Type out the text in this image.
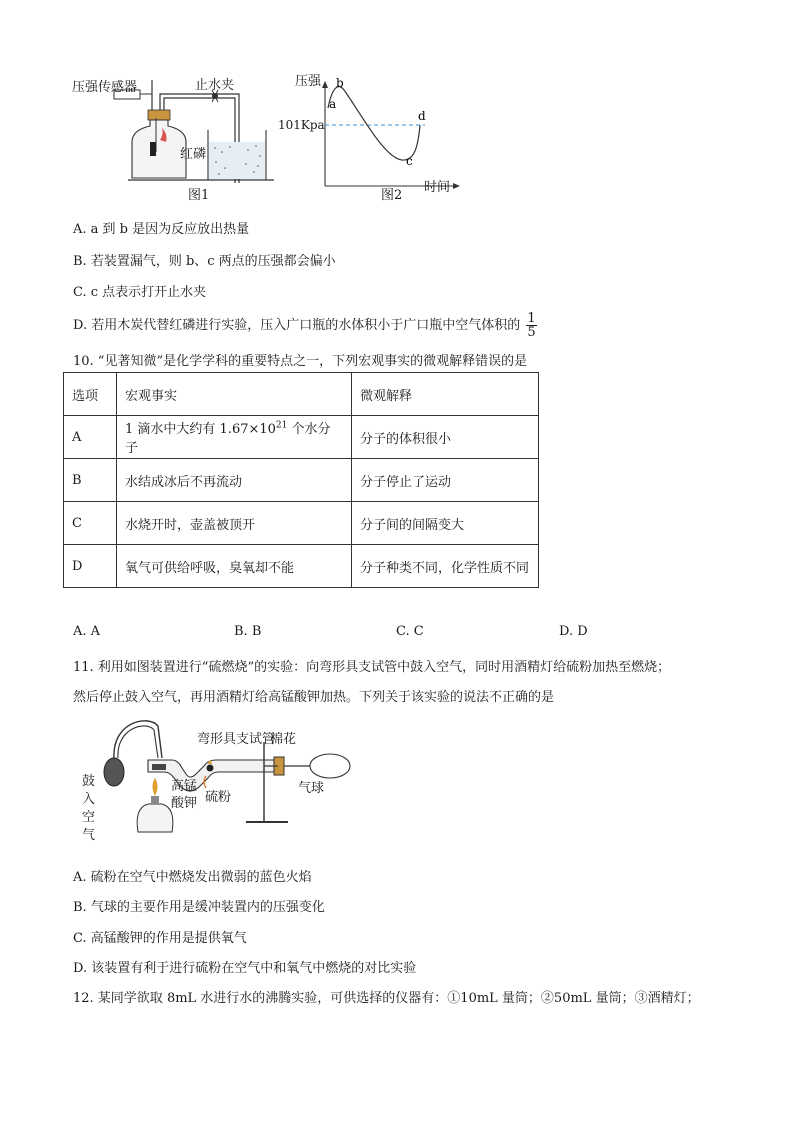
压强传感器	止水夹
红磷
图1
a
b
c
d
压强
101Kpa
时间
图2
A. a 到 b 是因为反应放出热量
B. 若装置漏气，则 b、c 两点的压强都会偏小
C. c 点表示打开止水夹
D. 若用木炭代替红磷进行实验，压入广口瓶的水体积小于广口瓶中空气体积的 $\frac{1}{5}$
10. “见著知微”是化学学科的重要特点之一，下列宏观事实的微观解释错误的是
选项	宏观事实	微观解释
A	1 滴水中大约有 $1.67\times 10^{21}$ 个水分子	分子的体积很小
B	水结成冰后不再流动	分子停止了运动
C	水烧开时，壶盖被顶开	分子间的间隔变大
D	氧气可供给呼吸，臭氧却不能	分子种类不同，化学性质不同
A. A	B. B	C. C	D. D
11. 利用如图装置进行“硫燃烧”的实验：向弯形具支试管中鼓入空气，同时用酒精灯给硫粉加热至燃烧；
然后停止鼓入空气，再用酒精灯给高锰酸钾加热。下列关于该实验的说法不正确的是
弯形具支试管
棉花
高锰
酸钾 硫粉
气球
鼓
入
空
气
A. 硫粉在空气中燃烧发出微弱的蓝色火焰
B. 气球的主要作用是缓冲装置内的压强变化
C. 高锰酸钾的作用是提供氧气
D. 该装置有利于进行硫粉在空气中和氧气中燃烧的对比实验
12. 某同学欲取 8mL 水进行水的沸腾实验，可供选择的仪器有：①10mL 量筒；②50mL 量筒；③酒精灯；
